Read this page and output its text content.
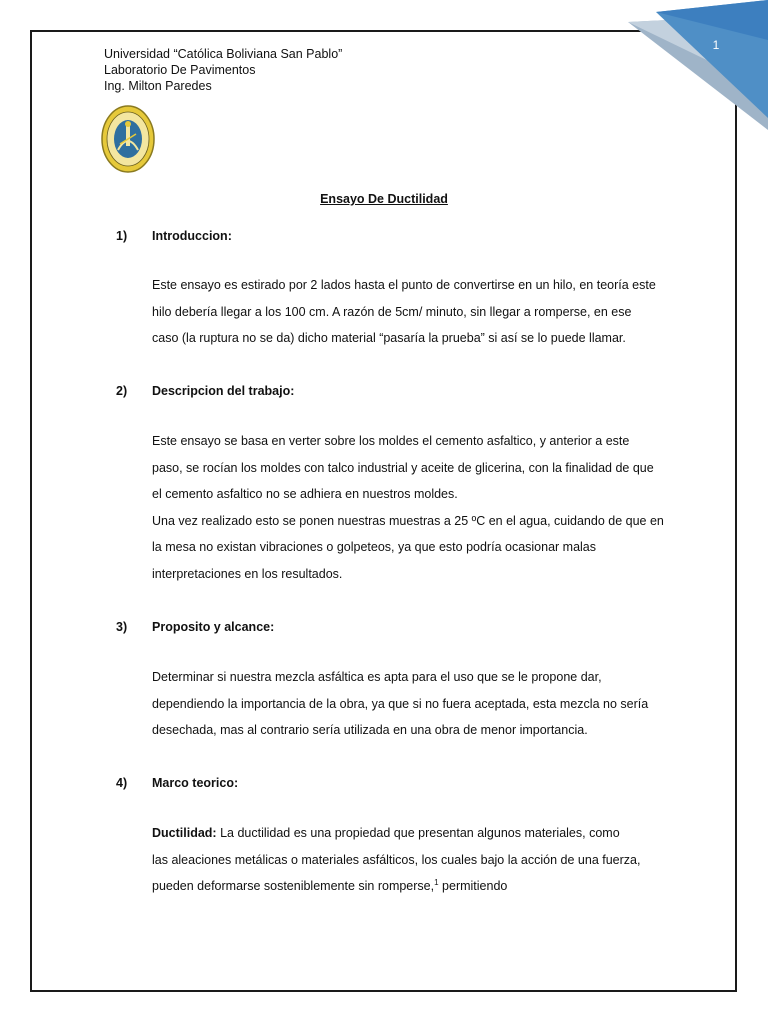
1
Universidad “Católica Boliviana San Pablo”
Laboratorio De Pavimentos
Ing. Milton Paredes
Ensayo De Ductilidad
1) Introduccion:
Este ensayo es estirado por 2 lados hasta el punto de convertirse en un hilo, en teoría este
hilo debería llegar a los 100 cm. A razón de 5cm/ minuto, sin llegar a romperse, en ese
caso (la ruptura no se da) dicho material “pasaría la prueba” si así se lo puede llamar.
2) Descripcion del trabajo:
Este ensayo se basa en verter sobre los moldes el cemento asfaltico, y anterior a este
paso, se rocían los moldes con talco industrial y aceite de glicerina, con la finalidad de que
el cemento asfaltico no se adhiera en nuestros moldes.
Una vez realizado esto se ponen nuestras muestras a 25 ºC en el agua, cuidando de que en
la mesa no existan vibraciones o golpeteos, ya que esto podría ocasionar malas
interpretaciones en los resultados.
3) Proposito y alcance:
Determinar si nuestra mezcla asfáltica es apta para el uso que se le propone dar,
dependiendo la importancia de la obra, ya que si no fuera aceptada, esta mezcla no sería
desechada, mas al contrario sería utilizada en una obra de menor importancia.
4) Marco teorico:
Ductilidad: La ductilidad es una propiedad que presentan algunos materiales, como
las aleaciones metálicas o materiales asfálticos, los cuales bajo la acción de una fuerza,
pueden deformarse sosteniblemente sin romperse,$^1$ permitiendo
